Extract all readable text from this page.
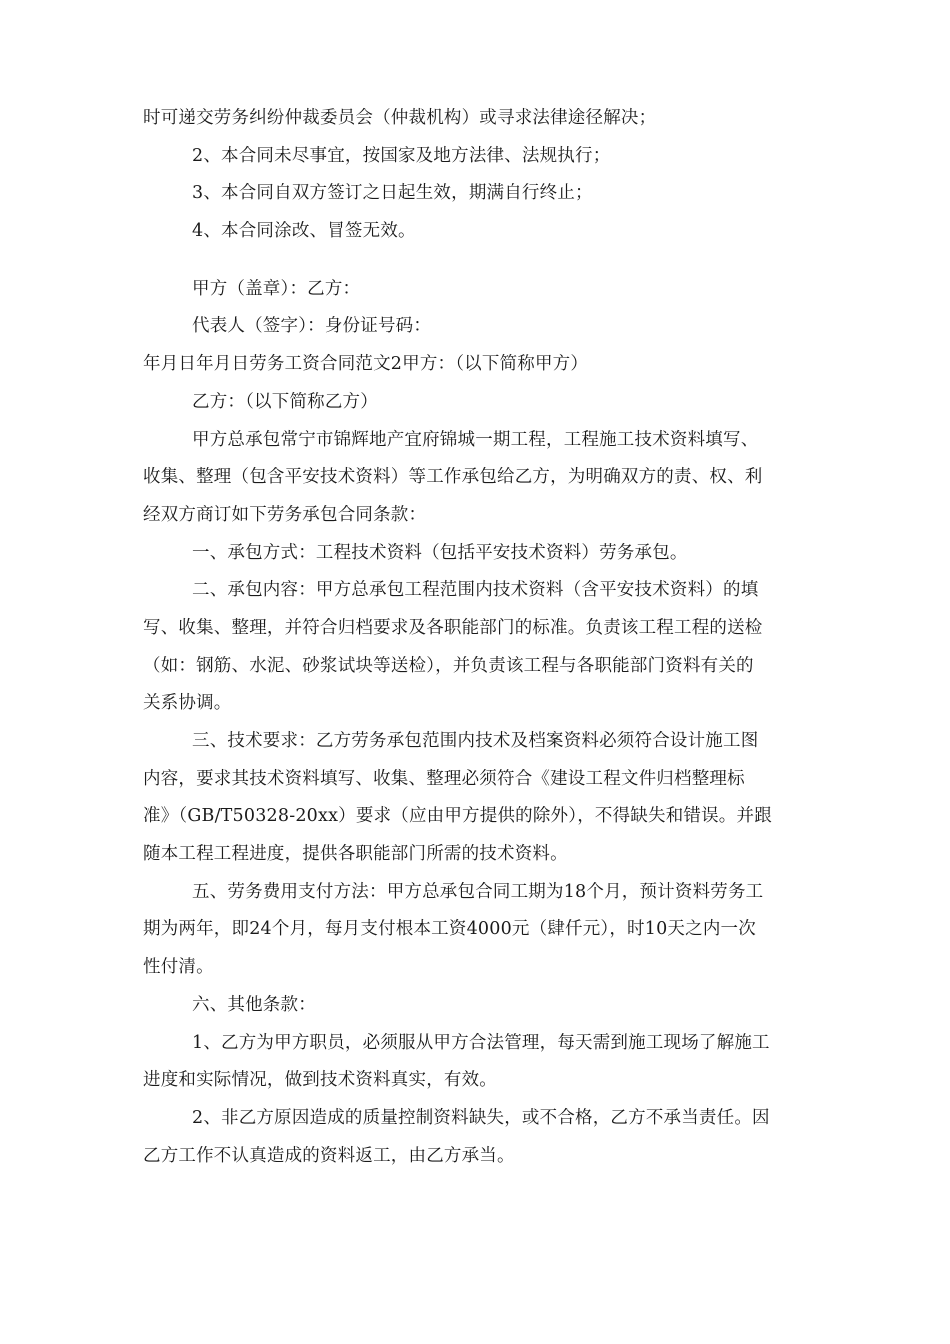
时可递交劳务纠纷仲裁委员会（仲裁机构）或寻求法律途径解决；
2、本合同未尽事宜，按国家及地方法律、法规执行；
3、本合同自双方签订之日起生效，期满自行终止；
4、本合同涂改、冒签无效。
甲方（盖章）：乙方：
代表人（签字）：身份证号码：
年月日年月日劳务工资合同范文2甲方：（以下简称甲方）
乙方：（以下简称乙方）
甲方总承包常宁市锦辉地产宜府锦城一期工程，工程施工技术资料填写、
收集、整理（包含平安技术资料）等工作承包给乙方，为明确双方的责、权、利
经双方商订如下劳务承包合同条款：
一、承包方式：工程技术资料（包括平安技术资料）劳务承包。
二、承包内容：甲方总承包工程范围内技术资料（含平安技术资料）的填
写、收集、整理，并符合归档要求及各职能部门的标准。负责该工程工程的送检
（如：钢筋、水泥、砂浆试块等送检），并负责该工程与各职能部门资料有关的
关系协调。
三、技术要求：乙方劳务承包范围内技术及档案资料必须符合设计施工图
内容，要求其技术资料填写、收集、整理必须符合《建设工程文件归档整理标
准》（GB/T50328-20xx）要求（应由甲方提供的除外），不得缺失和错误。并跟
随本工程工程进度，提供各职能部门所需的技术资料。
五、劳务费用支付方法：甲方总承包合同工期为18个月，预计资料劳务工
期为两年，即24个月，每月支付根本工资4000元（肆仟元），时10天之内一次
性付清。
六、其他条款：
1、乙方为甲方职员，必须服从甲方合法管理，每天需到施工现场了解施工
进度和实际情况，做到技术资料真实，有效。
2、非乙方原因造成的质量控制资料缺失，或不合格，乙方不承当责任。因
乙方工作不认真造成的资料返工，由乙方承当。
